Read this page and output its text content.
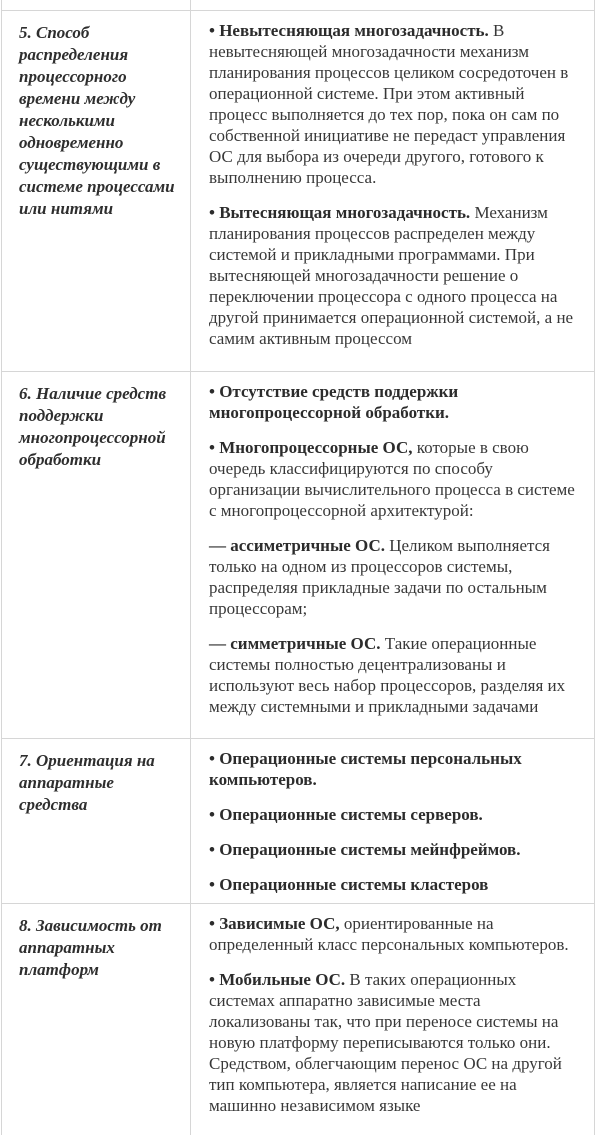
5. Способ распределения процессорного времени между несколькими одновременно существующими в системе процессами или нитями

• Невытесняющая многозадачность. В невытесняющей многозадачности механизм планирования процессов целиком сосредоточен в операционной системе. При этом активный процесс выполняется до тех пор, пока он сам по собственной инициативе не передаст управления ОС для выбора из очереди другого, готового к выполнению процесса.

• Вытесняющая многозадачность. Механизм планирования процессов распределен между системой и прикладными программами. При вытесняющей многозадачности решение о переключении процессора с одного процесса на другой принимается операционной системой, а не самим активным процессом

6. Наличие средств поддержки многопроцессорной обработки

• Отсутствие средств поддержки многопроцессорной обработки.

• Многопроцессорные ОС, которые в свою очередь классифицируются по способу организации вычислительного процесса в системе с многопроцессорной архитектурой:

— ассиметричные ОС. Целиком выполняется только на одном из процессоров системы, распределяя прикладные задачи по остальным процессорам;

— симметричные ОС. Такие операционные системы полностью децентрализованы и используют весь набор процессоров, разделяя их между системными и прикладными задачами

7. Ориентация на аппаратные средства

• Операционные системы персональных компьютеров.

• Операционные системы серверов.

• Операционные системы мейнфреймов.

• Операционные системы кластеров

8. Зависимость от аппаратных платформ

• Зависимые ОС, ориентированные на определенный класс персональных компьютеров.

• Мобильные ОС. В таких операционных системах аппаратно зависимые места локализованы так, что при переносе системы на новую платформу переписываются только они. Средством, облегчающим перенос ОС на другой тип компьютера, является написание ее на машинно независимом языке
